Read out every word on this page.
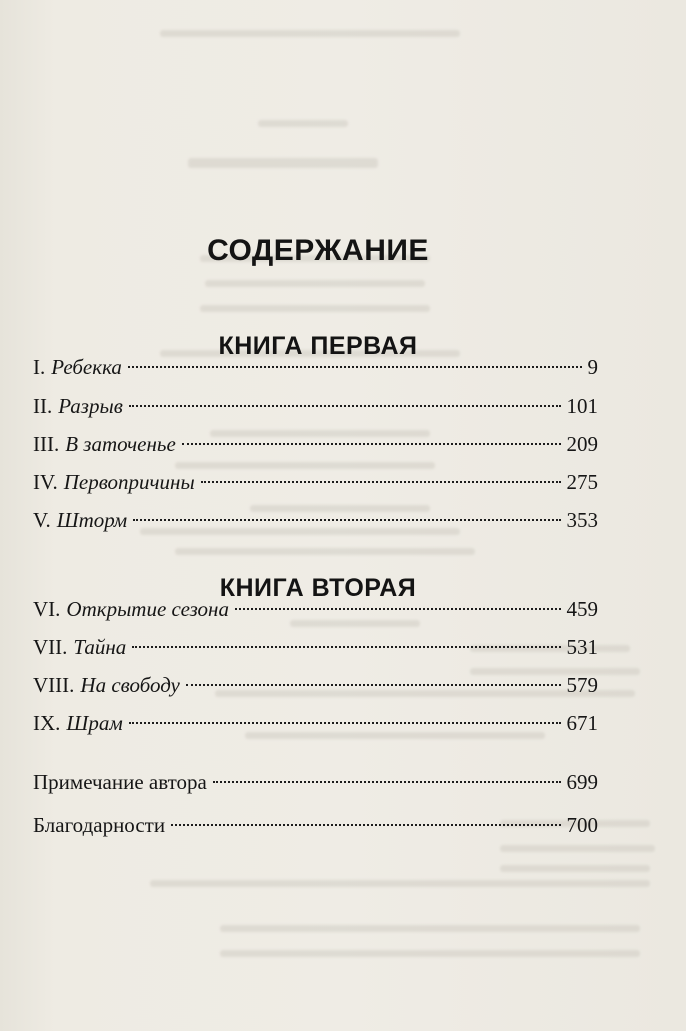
СОДЕРЖАНИЕ
КНИГА ПЕРВАЯ
I. Ребекка	9
II. Разрыв	101
III. В заточенье	209
IV. Первопричины	275
V. Шторм	353
КНИГА ВТОРАЯ
VI. Открытие сезона	459
VII. Тайна	531
VIII. На свободу	579
IX. Шрам	671
Примечание автора	699
Благодарности	700
